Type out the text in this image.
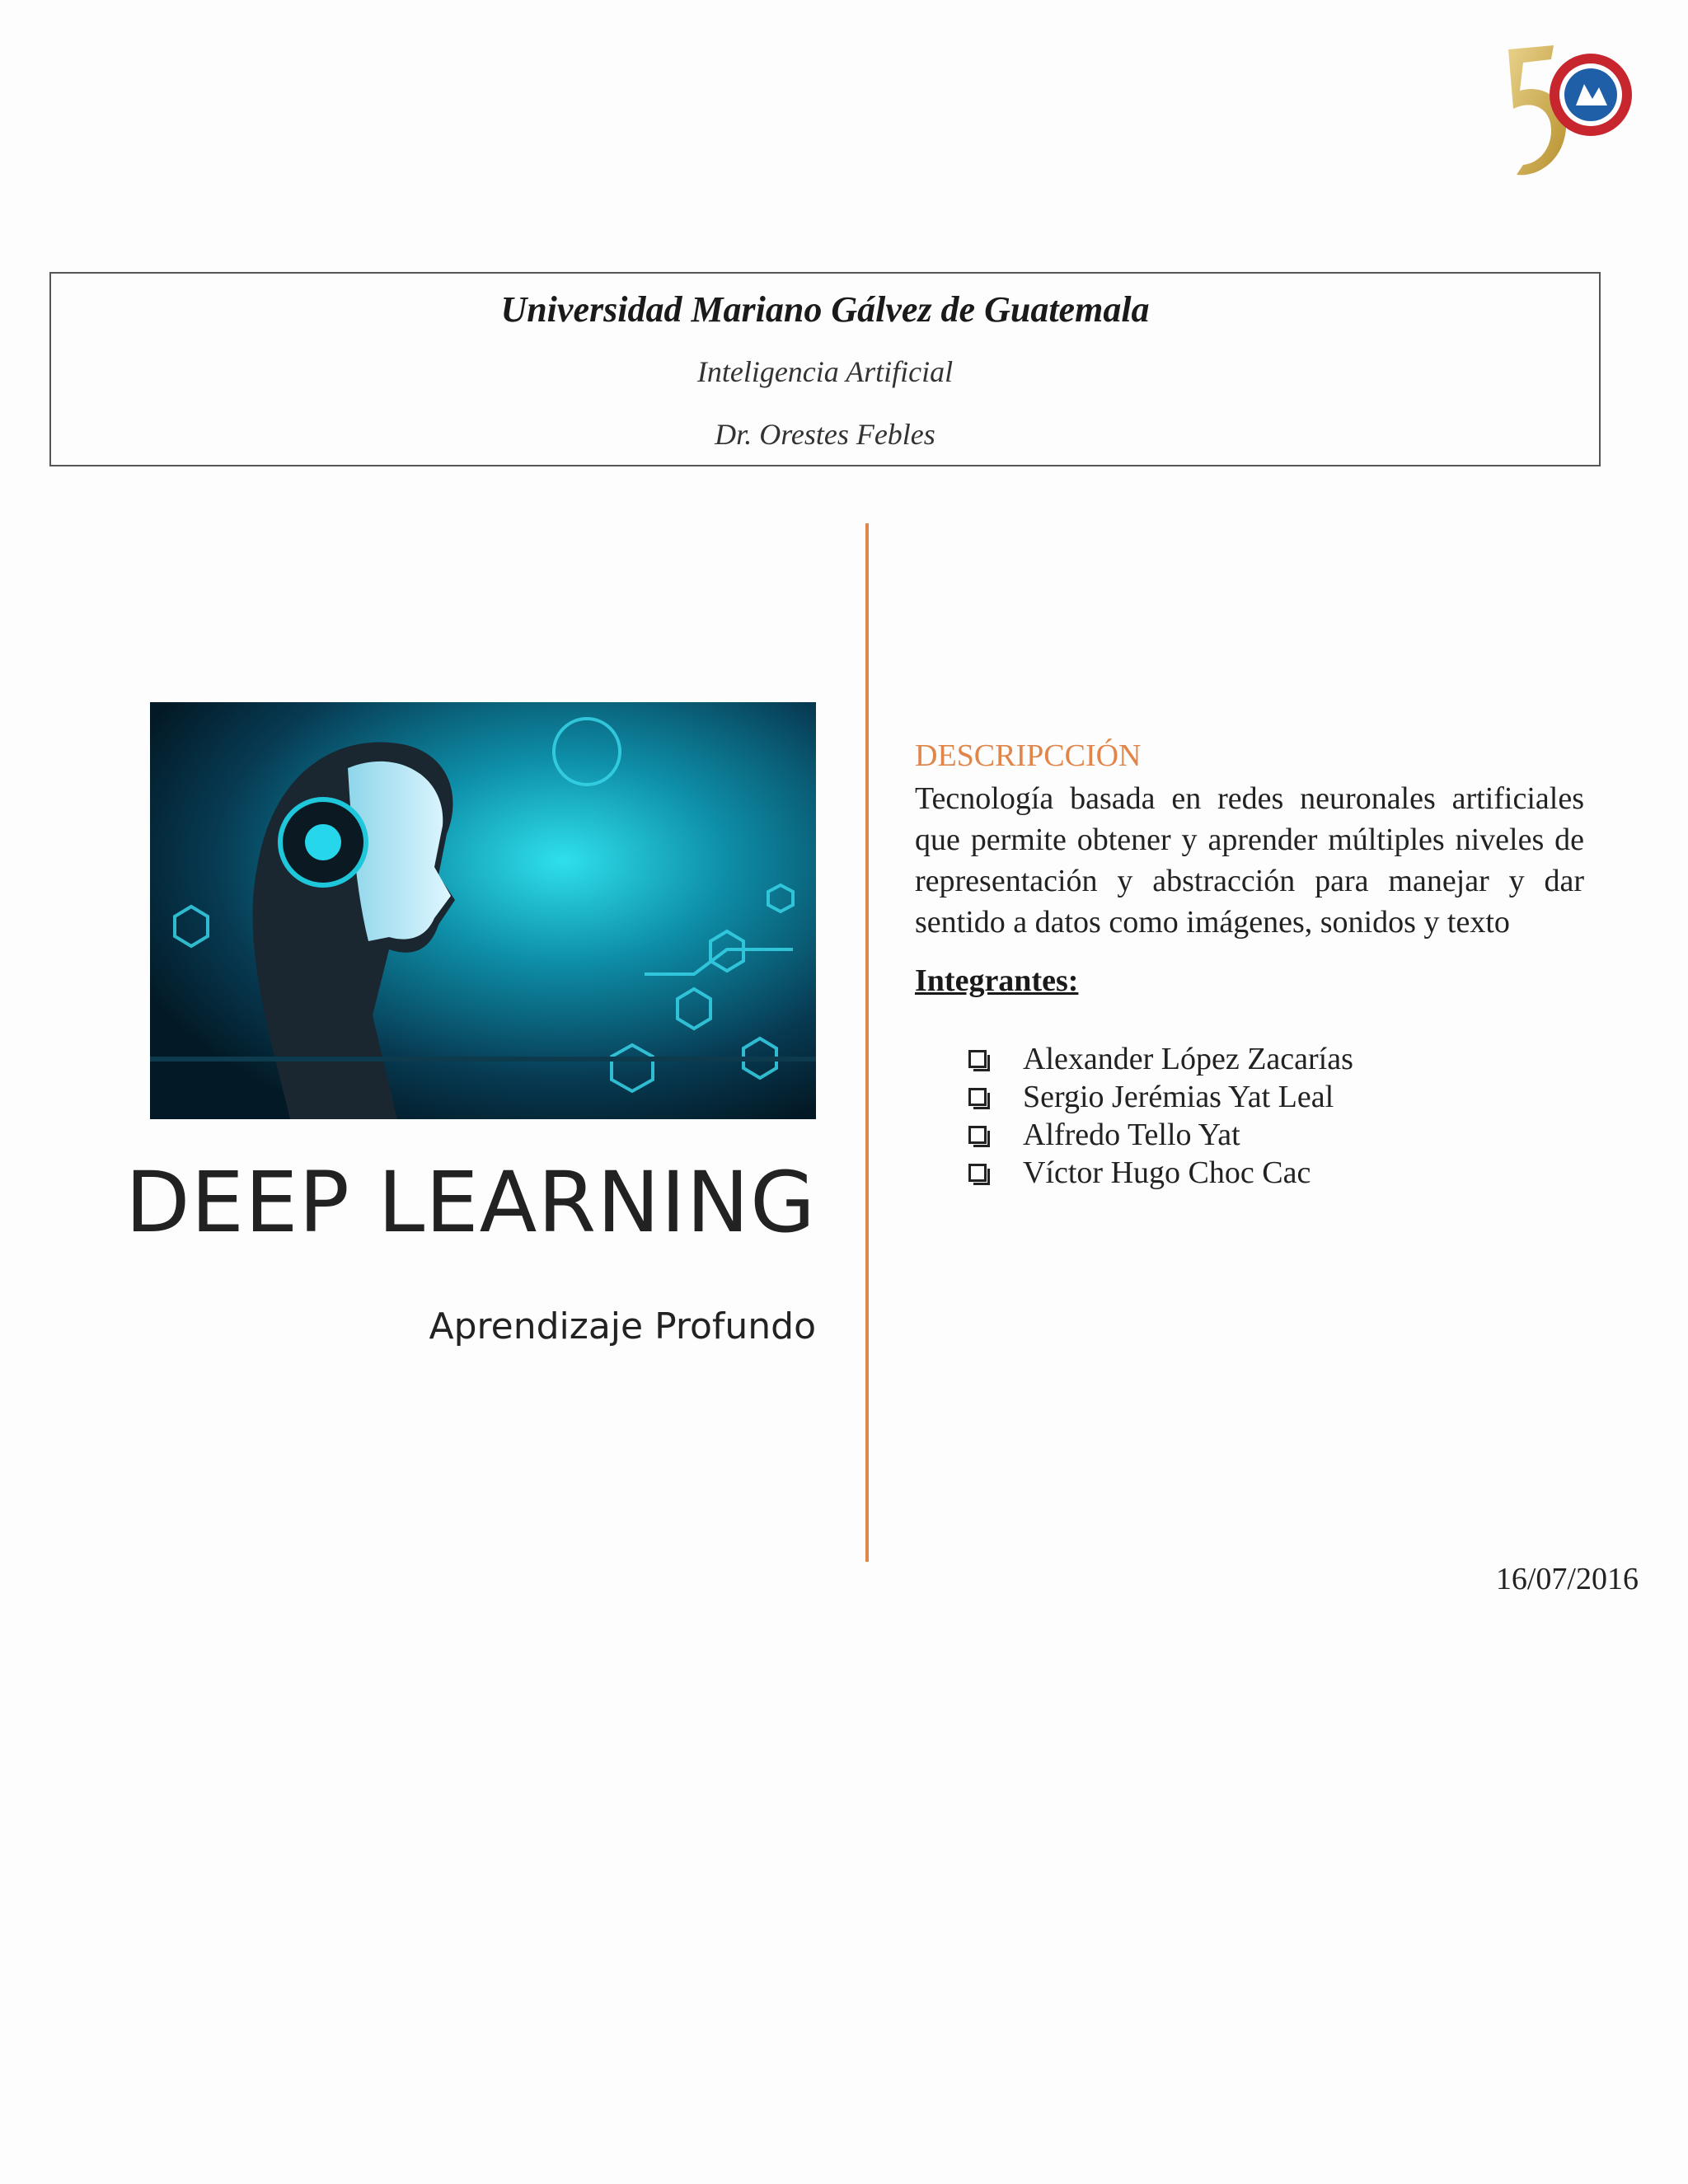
Universidad Mariano Gálvez de Guatemala
Inteligencia Artificial
Dr. Orestes Febles
DEEP LEARNING
Aprendizaje Profundo
DESCRIPCCIÓN
Tecnología basada en redes neuronales artificiales que permite obtener y aprender múltiples niveles de representación y abstracción para manejar y dar sentido a datos como imágenes, sonidos y texto
Integrantes:
Alexander López Zacarías
Sergio Jerémias Yat Leal
Alfredo Tello Yat
Víctor Hugo Choc Cac
16/07/2016
